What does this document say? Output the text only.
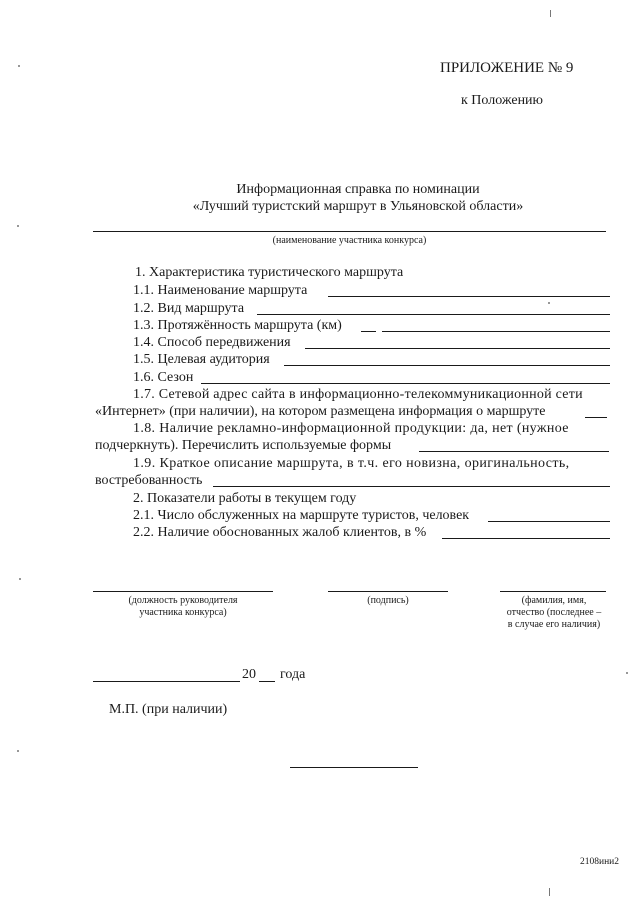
ПРИЛОЖЕНИЕ № 9
к Положению
Информационная справка по номинации
«Лучший туристский маршрут в Ульяновской области»
(наименование участника конкурса)
1. Характеристика туристического маршрута
1.1. Наименование маршрута
1.2. Вид маршрута
1.3. Протяжённость маршрута (км)
1.4. Способ передвижения
1.5. Целевая аудитория
1.6. Сезон
1.7. Сетевой адрес сайта в информационно-телекоммуникационной сети
«Интернет» (при наличии), на котором размещена информация о маршруте
1.8. Наличие рекламно-информационной продукции: да, нет (нужное
подчеркнуть). Перечислить используемые формы
1.9. Краткое описание маршрута, в т.ч. его новизна, оригинальность,
востребованность
2. Показатели работы в текущем году
2.1. Число обслуженных на маршруте туристов, человек
2.2. Наличие обоснованных жалоб клиентов, в %
(должность руководителя
участника конкурса)
(подпись)	(фамилия, имя,
отчество (последнее –
в случае его наличия)
20 года
М.П. (при наличии)
2108ини2
